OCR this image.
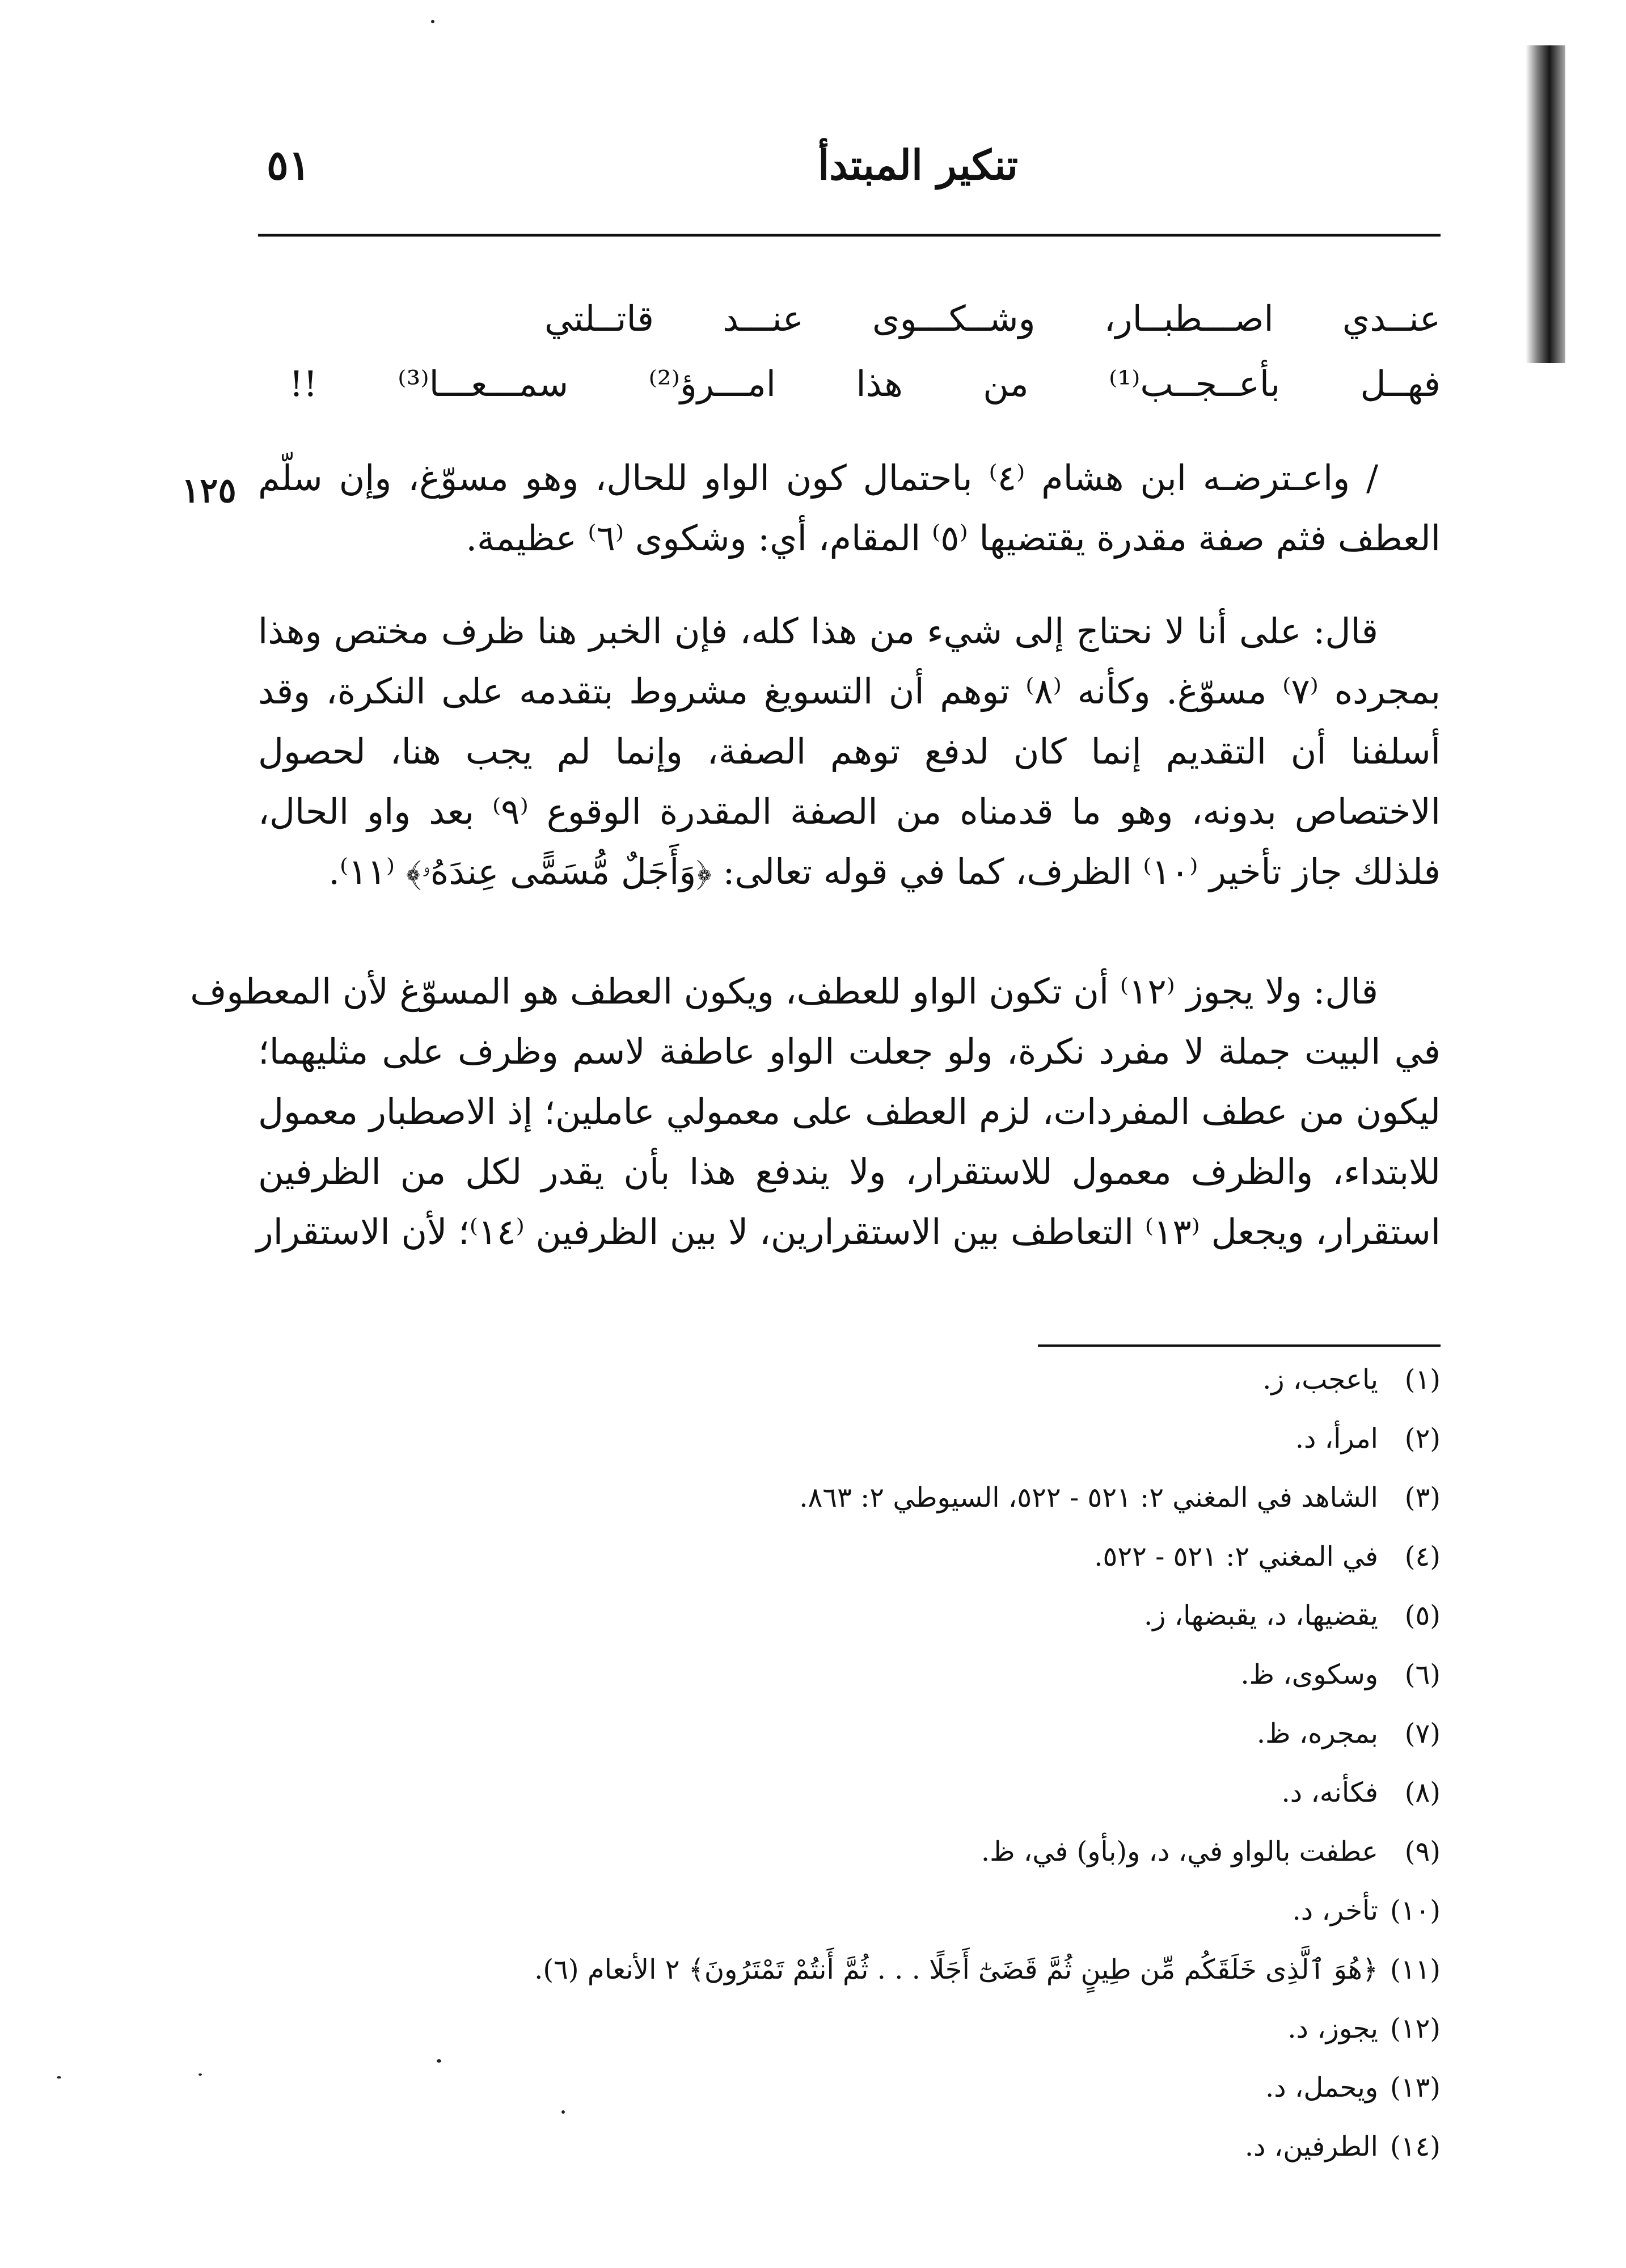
تنكير المبتدأ
٥١
عنــدي
اصـــطبــار،
وشــكـــوى
عنـــد
قاتــلتي
فهــل
بأعــجــب⁽¹⁾
من
هذا
امـــرؤ⁽²⁾
سمـــعـــا⁽³⁾
!!
١٢٥ / واعـترضـه ابن هشام ⁽٤⁾ باحتمال كون الواو للحال، وهو مسوّغ، وإن سلّم
العطف فثم صفة مقدرة يقتضيها ⁽٥⁾ المقام، أي: وشكوى ⁽٦⁾ عظيمة.
قال: على أنا لا نحتاج إلى شيء من هذا كله، فإن الخبر هنا ظرف مختص وهذا
بمجرده ⁽٧⁾ مسوّغ. وكأنه ⁽٨⁾ توهم أن التسويغ مشروط بتقدمه على النكرة، وقد
أسلفنا أن التقديم إنما كان لدفع توهم الصفة، وإنما لم يجب هنا، لحصول
الاختصاص بدونه، وهو ما قدمناه من الصفة المقدرة الوقوع ⁽٩⁾ بعد واو الحال،
فلذلك جاز تأخير ⁽١٠⁾ الظرف، كما في قوله تعالى: ﴿وَأَجَلٌ مُّسَمًّى عِندَهُۥ﴾ ⁽١١⁾.
قال: ولا يجوز ⁽١٢⁾ أن تكون الواو للعطف، ويكون العطف هو المسوّغ لأن المعطوف
في البيت جملة لا مفرد نكرة، ولو جعلت الواو عاطفة لاسم وظرف على مثليهما؛
ليكون من عطف المفردات، لزم العطف على معمولي عاملين؛ إذ الاصطبار معمول
للابتداء، والظرف معمول للاستقرار، ولا يندفع هذا بأن يقدر لكل من الظرفين
استقرار، ويجعل ⁽١٣⁾ التعاطف بين الاستقرارين، لا بين الظرفين ⁽١٤⁾؛ لأن الاستقرار
(١)ياعجب، ز.
(٢)امرأ، د.
(٣)الشاهد في المغني ٢: ٥٢١ - ٥٢٢، السيوطي ٢: ٨٦٣.
(٤)في المغني ٢: ٥٢١ - ٥٢٢.
(٥)يقضيها، د، يقبضها، ز.
(٦)وسكوى، ظ.
(٧)بمجره، ظ.
(٨)فكأنه، د.
(٩)عطفت بالواو في، د، و(بأو) في، ظ.
(١٠)تأخر، د.
(١١)﴿هُوَ ٱلَّذِى خَلَقَكُم مِّن طِينٍ ثُمَّ قَضَىٰٓ أَجَلًا . . . ثُمَّ أَنتُمْ تَمْتَرُونَ﴾ ٢ الأنعام (٦).
(١٢)يجوز، د.
(١٣)ويحمل، د.
(١٤)الطرفين، د.
